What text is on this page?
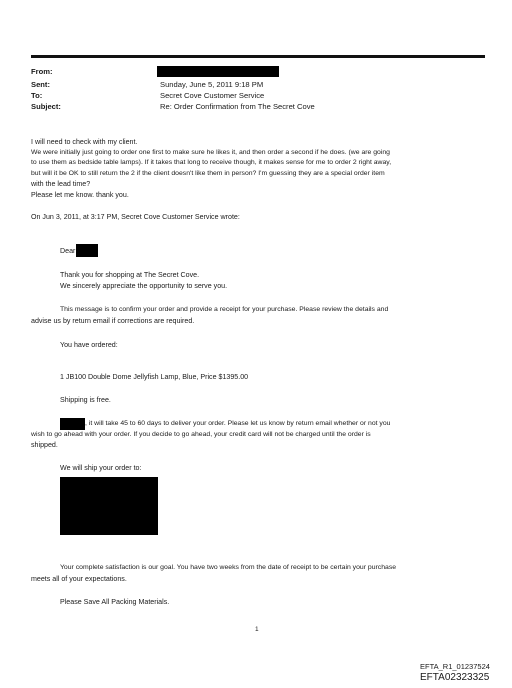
From:
Sent:	Sunday, June 5, 2011 9:18 PM
To:	Secret Cove Customer Service
Subject:	Re: Order Confirmation from The Secret Cove
I will need to check with my client.
We were initially just going to order one first to make sure he likes it, and then order a second if he does. (we are going
to use them as bedside table lamps). If it takes that long to receive though, it makes sense for me to order 2 right away,
but will it be OK to still return the 2 if the client doesn't like them in person? I'm guessing they are a special order item
with the lead time?
Please let me know. thank you.
On Jun 3, 2011, at 3:17 PM, Secret Cove Customer Service wrote:
Dear
Thank you for shopping at The Secret Cove.
We sincerely appreciate the opportunity to serve you.
This message is to confirm your order and provide a receipt for your purchase. Please review the details and
advise us by return email if corrections are required.
You have ordered:
1 JB100 Double Dome Jellyfish Lamp, Blue, Price $1395.00
Shipping is free.
, it will take 45 to 60 days to deliver your order. Please let us know by return email whether or not you
wish to go ahead with your order. If you decide to go ahead, your credit card will not be charged until the order is
shipped.
We will ship your order to:
Your complete satisfaction is our goal. You have two weeks from the date of receipt to be certain your purchase
meets all of your expectations.
Please Save All Packing Materials.
1
EFTA_R1_01237524
EFTA02323325
